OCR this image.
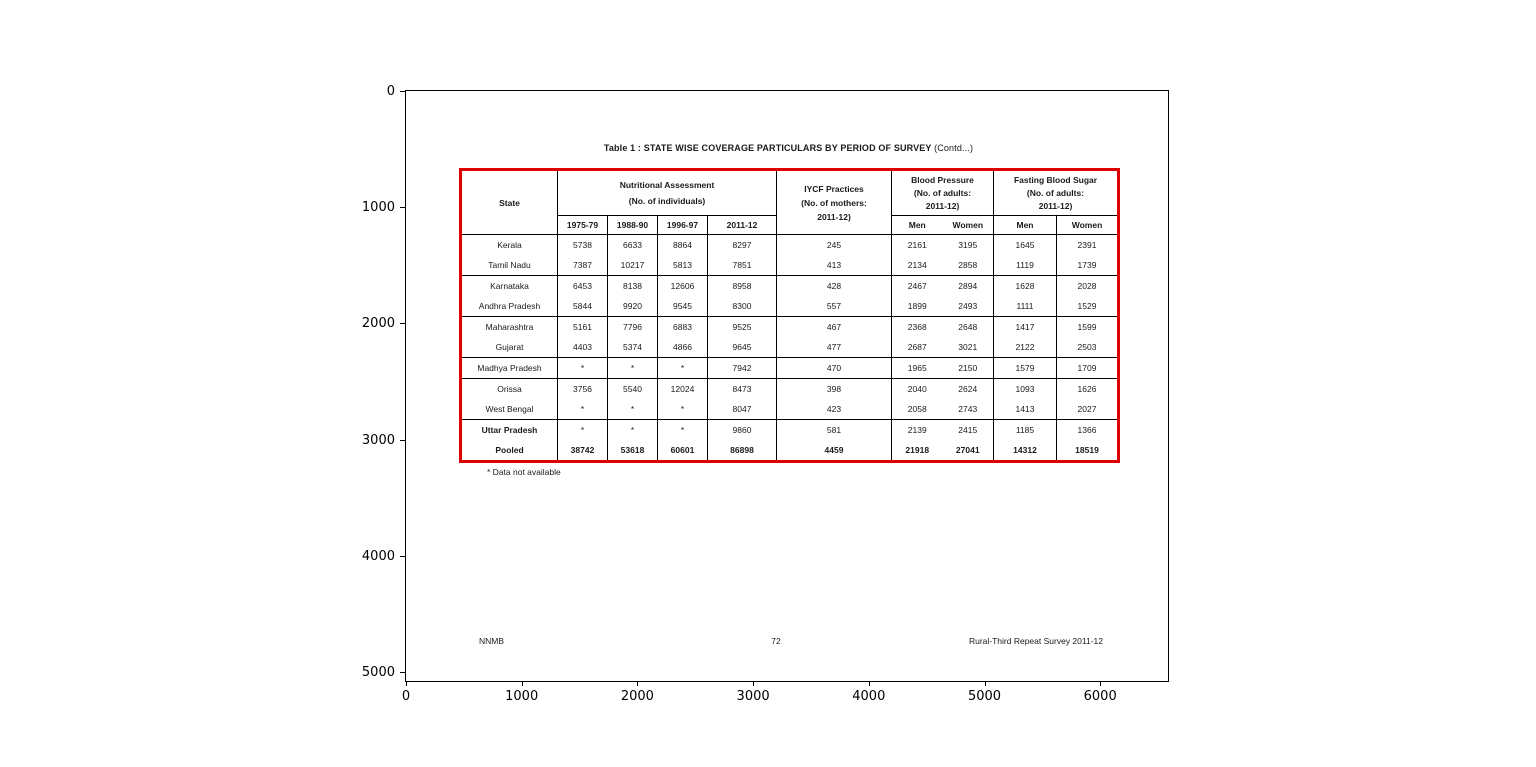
0
1000
2000
3000
4000
5000
0	1000	2000	3000	4000	5000	6000
Table 1 : STATE WISE COVERAGE PARTICULARS BY PERIOD OF SURVEY (Contd...)
State	
Nutritional Assessment
(No. of individuals)

IYCF Practices
(No. of mothers:
2011-12)

Blood Pressure
(No. of adults:
2011-12)

Fasting Blood Sugar
(No. of adults:
2011-12)

	1975-79	1988-90	1996-97	2011-12		Men	Women	Men	Women
Kerala	5738	6633	8864	8297	245	2161	3195	1645	2391
Tamil Nadu	7387	10217	5813	7851	413	2134	2858	1119	1739
Karnataka	6453	8138	12606	8958	428	2467	2894	1628	2028
Andhra Pradesh	5844	9920	9545	8300	557	1899	2493	1111	1529
Maharashtra	5161	7796	6883	9525	467	2368	2648	1417	1599
Gujarat	4403	5374	4866	9645	477	2687	3021	2122	2503
Madhya Pradesh	*	*	*	7942	470	1965	2150	1579	1709
Orissa	3756	5540	12024	8473	398	2040	2624	1093	1626
West Bengal	*	*	*	8047	423	2058	2743	1413	2027
Uttar Pradesh	*	*	*	9860	581	2139	2415	1185	1366
Pooled	38742	53618	60601	86898	4459	21918	27041	14312	18519
* Data not available
NNMB	72	Rural-Third Repeat Survey 2011-12
